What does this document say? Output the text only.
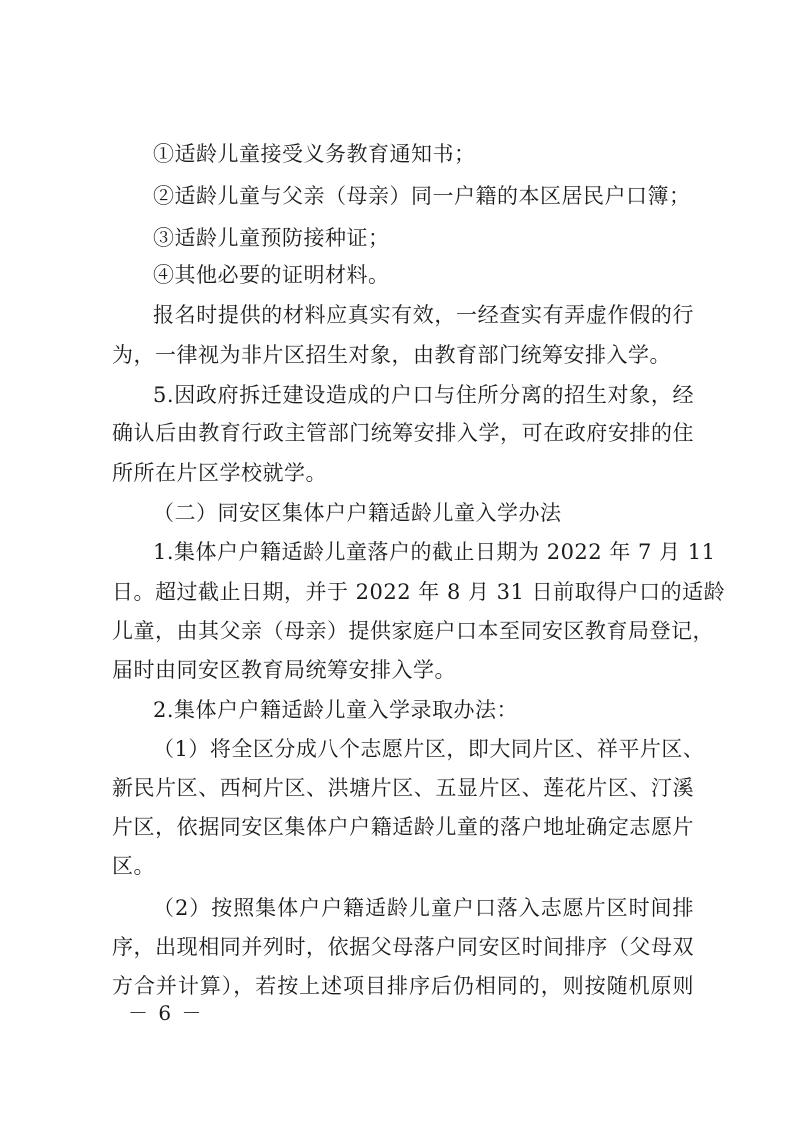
①适龄儿童接受义务教育通知书；
②适龄儿童与父亲（母亲）同一户籍的本区居民户口簿；
③适龄儿童预防接种证；
④其他必要的证明材料。
报名时提供的材料应真实有效，一经查实有弄虚作假的行
为，一律视为非片区招生对象，由教育部门统筹安排入学。
5.因政府拆迁建设造成的户口与住所分离的招生对象，经
确认后由教育行政主管部门统筹安排入学，可在政府安排的住
所所在片区学校就学。
（二）同安区集体户户籍适龄儿童入学办法
1.集体户户籍适龄儿童落户的截止日期为 2022 年 7 月 11
日。超过截止日期，并于 2022 年 8 月 31 日前取得户口的适龄
儿童，由其父亲（母亲）提供家庭户口本至同安区教育局登记，
届时由同安区教育局统筹安排入学。
2.集体户户籍适龄儿童入学录取办法：
（1）将全区分成八个志愿片区，即大同片区、祥平片区、
新民片区、西柯片区、洪塘片区、五显片区、莲花片区、汀溪
片区，依据同安区集体户户籍适龄儿童的落户地址确定志愿片
区。
（2）按照集体户户籍适龄儿童户口落入志愿片区时间排
序，出现相同并列时，依据父母落户同安区时间排序（父母双
方合并计算），若按上述项目排序后仍相同的，则按随机原则
－ 6 －
